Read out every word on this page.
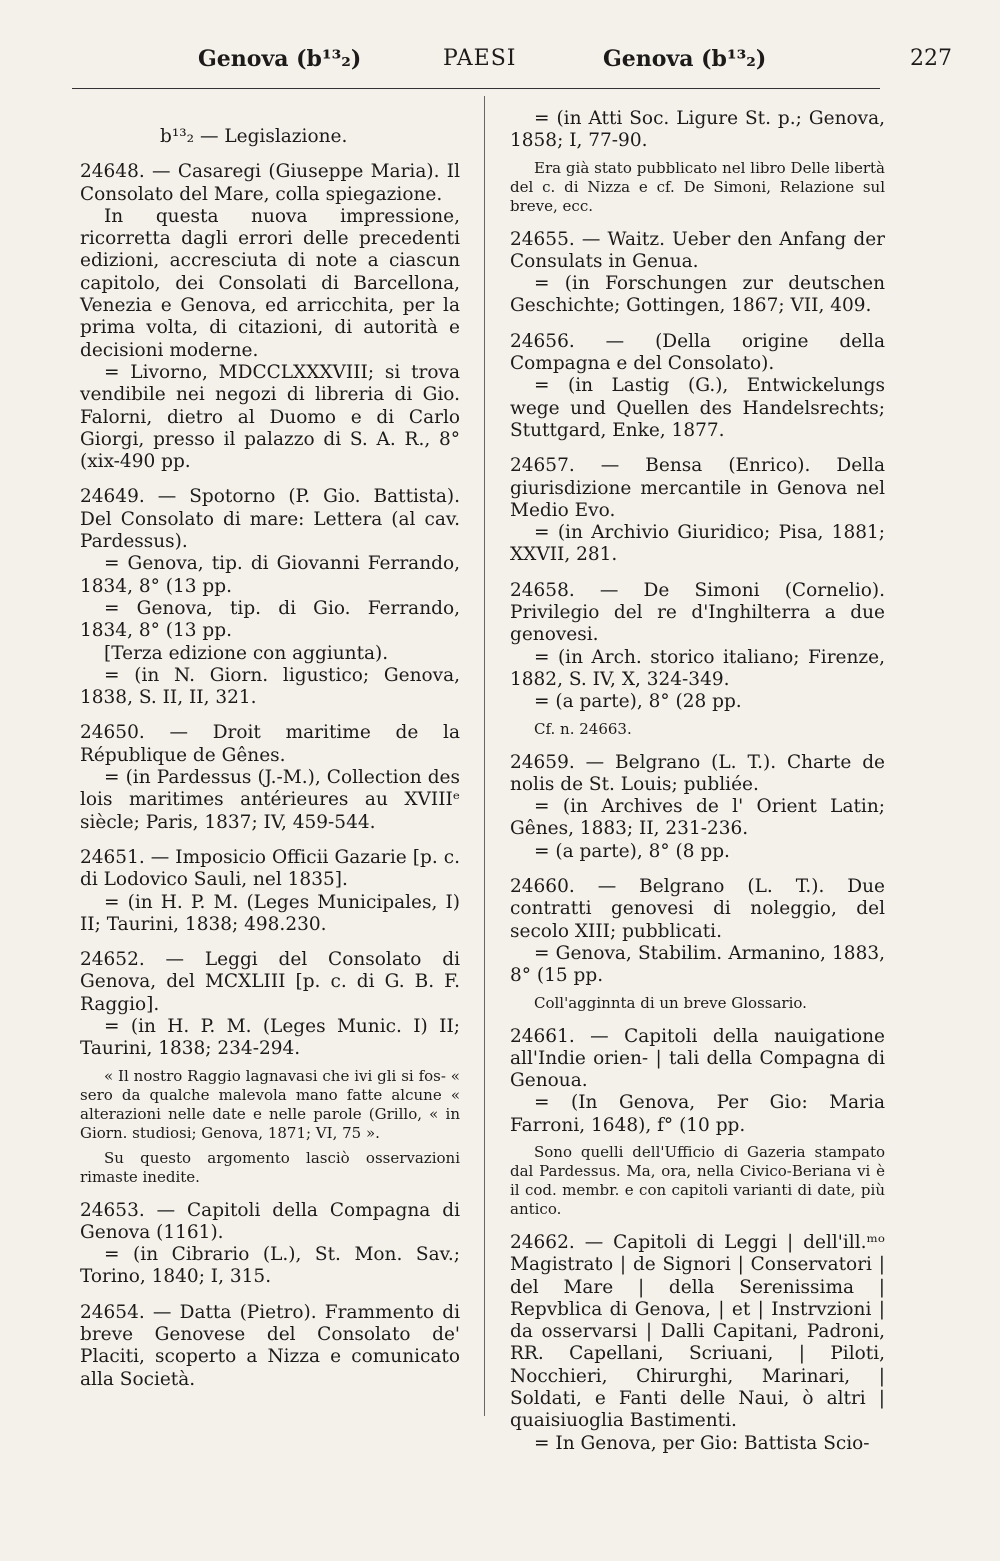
Genova (b¹³₂)	PAESI	Genova (b¹³₂)	227

b¹³₂ — Legislazione.

24648. — Casaregi (Giuseppe Maria). Il Consolato del Mare, colla spiegazione.

In questa nuova impressione, ricorretta dagli errori delle precedenti edizioni, accresciuta di note a ciascun capitolo, dei Consolati di Barcellona, Venezia e Genova, ed arricchita, per la prima volta, di citazioni, di autorità e decisioni moderne.

= Livorno, MDCCLXXXVIII; si trova vendibile nei negozi di libreria di Gio. Falorni, dietro al Duomo e di Carlo Giorgi, presso il palazzo di S. A. R., 8° (xix-490 pp.

24649. — Spotorno (P. Gio. Battista). Del Consolato di mare: Lettera (al cav. Pardessus).

= Genova, tip. di Giovanni Ferrando, 1834, 8° (13 pp.

= Genova, tip. di Gio. Ferrando, 1834, 8° (13 pp.

[Terza edizione con aggiunta).

= (in N. Giorn. ligustico; Genova, 1838, S. II, II, 321.

24650. — Droit maritime de la République de Gênes.

= (in Pardessus (J.-M.), Collection des lois maritimes antérieures au XVIIIᵉ siècle; Paris, 1837; IV, 459-544.

24651. — Imposicio Officii Gazarie [p. c. di Lodovico Sauli, nel 1835].

= (in H. P. M. (Leges Municipales, I) II; Taurini, 1838; 498.230.

24652. — Leggi del Consolato di Genova, del MCXLIII [p. c. di G. B. F. Raggio].

= (in H. P. M. (Leges Munic. I) II; Taurini, 1838; 234-294.

« Il nostro Raggio lagnavasi che ivi gli si fos- « sero da qualche malevola mano fatte alcune « alterazioni nelle date e nelle parole (Grillo, « in Giorn. studiosi; Genova, 1871; VI, 75 ».

Su questo argomento lasciò osservazioni rimaste inedite.

24653. — Capitoli della Compagna di Genova (1161).

= (in Cibrario (L.), St. Mon. Sav.; Torino, 1840; I, 315.

24654. — Datta (Pietro). Frammento di breve Genovese del Consolato de' Placiti, scoperto a Nizza e comunicato alla Società.

= (in Atti Soc. Ligure St. p.; Genova, 1858; I, 77-90.

Era già stato pubblicato nel libro Delle libertà del c. di Nizza e cf. De Simoni, Relazione sul breve, ecc.

24655. — Waitz. Ueber den Anfang der Consulats in Genua.

= (in Forschungen zur deutschen Geschichte; Gottingen, 1867; VII, 409.

24656. — (Della origine della Compagna e del Consolato).

= (in Lastig (G.), Entwickelungs wege und Quellen des Handelsrechts; Stuttgard, Enke, 1877.

24657. — Bensa (Enrico). Della giurisdizione mercantile in Genova nel Medio Evo.

= (in Archivio Giuridico; Pisa, 1881; XXVII, 281.

24658. — De Simoni (Cornelio). Privilegio del re d'Inghilterra a due genovesi.

= (in Arch. storico italiano; Firenze, 1882, S. IV, X, 324-349.

= (a parte), 8° (28 pp.

Cf. n. 24663.

24659. — Belgrano (L. T.). Charte de nolis de St. Louis; publiée.

= (in Archives de l' Orient Latin; Gênes, 1883; II, 231-236.

= (a parte), 8° (8 pp.

24660. — Belgrano (L. T.). Due contratti genovesi di noleggio, del secolo XIII; pubblicati.

= Genova, Stabilim. Armanino, 1883, 8° (15 pp.

Coll'agginnta di un breve Glossario.

24661. — Capitoli della nauigatione all'Indie orien- | tali della Compagna di Genoua.

= (In Genova, Per Gio: Maria Farroni, 1648), f° (10 pp.

Sono quelli dell'Ufficio di Gazeria stampato dal Pardessus. Ma, ora, nella Civico-Beriana vi è il cod. membr. e con capitoli varianti di date, più antico.

24662. — Capitoli di Leggi | dell'ill.ᵐᵒ Magistrato | de Signori | Conservatori | del Mare | della Serenissima | Repvblica di Genova, | et | Instrvzioni | da osservarsi | Dalli Capitani, Padroni, RR. Capellani, Scriuani, | Piloti, Nocchieri, Chirurghi, Marinari, | Soldati, e Fanti delle Naui, ò altri | quaisiuoglia Bastimenti.

= In Genova, per Gio: Battista Scio-
